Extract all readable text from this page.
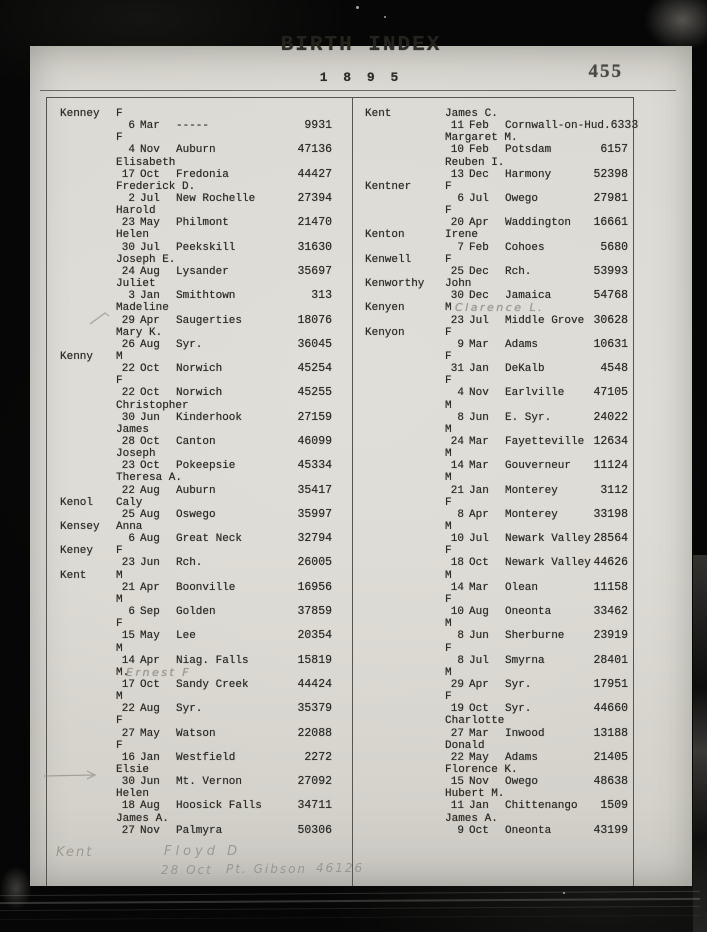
BIRTH INDEX
1 8 9 5	455
Kenney	F
6 Mar	-----	9931
F
4 Nov	Auburn	47136
Elisabeth
17 Oct	Fredonia	44427
Frederick D.
2 Jul	New Rochelle	27394
Harold
23 May	Philmont	21470
Helen
30 Jul	Peekskill	31630
Joseph E.
24 Aug	Lysander	35697
Juliet
3 Jan	Smithtown	313
Madeline
29 Apr	Saugerties	18076
Mary K.
26 Aug	Syr.	36045
Kenny	M
22 Oct	Norwich	45254
F
22 Oct	Norwich	45255
Christopher
30 Jun	Kinderhook	27159
James
28 Oct	Canton	46099
Joseph
23 Oct	Pokeepsie	45334
Theresa A.
22 Aug	Auburn	35417
Kenol	Caly
25 Aug	Oswego	35997
Kensey	Anna
6 Aug	Great Neck	32794
Keney	F
23 Jun	Rch.	26005
Kent	M
21 Apr	Boonville	16956
M
6 Sep	Golden	37859
F
15 May	Lee	20354
M
14 Apr	Niag. Falls	15819
M.
Ernest F
17 Oct	Sandy Creek	44424
M
22 Aug	Syr.	35379
F
27 May	Watson	22088
F
16 Jan	Westfield	2272
Elsie
30 Jun	Mt. Vernon	27092
Helen
18 Aug	Hoosick Falls	34711
James A.
27 Nov	Palmyra	50306
Kent	James C.
11 Feb	Cornwall-on-Hud. 6333
Margaret M.
10 Feb	Potsdam	6157
Reuben I.
13 Dec	Harmony	52398
Kentner	F
6 Jul	Owego	27981
F
20 Apr	Waddington 16661
Kenton	Irene
7 Feb	Cohoes	5680
Kenwell	F
25 Dec	Rch.	53993
Kenworthy	John
30 Dec	Jamaica	54768
Kenyen	M Clarence L.
23 Jul	Middle Grove 30628
Kenyon	F
9 Mar	Adams	10631
F
31 Jan	DeKalb	4548
F
4 Nov	Earlville	47105
M
8 Jun	E. Syr.	24022
M
24 Mar	Fayetteville 12634
M
14 Mar	Gouverneur 11124
M
21 Jan	Monterey	3112
F
8 Apr	Monterey	33198
M
10 Jul	Newark Valley 28564
F
18 Oct	Newark Valley 44626
M
14 Mar	Olean	11158
F
10 Aug	Oneonta	33462
M
8 Jun	Sherburne	23919
F
8 Jul	Smyrna	28401
M
29 Apr	Syr.	17951
F
19 Oct	Syr.	44660
Charlotte
27 Mar	Inwood	13188
Donald
22 May	Adams	21405
Florence K.
15 Nov	Owego	48638
Hubert M.
11 Jan	Chittenango 1509
James A.
9 Oct	Oneonta	43199
Kent	Floyd D
28 Oct Pt. Gibson 46126
